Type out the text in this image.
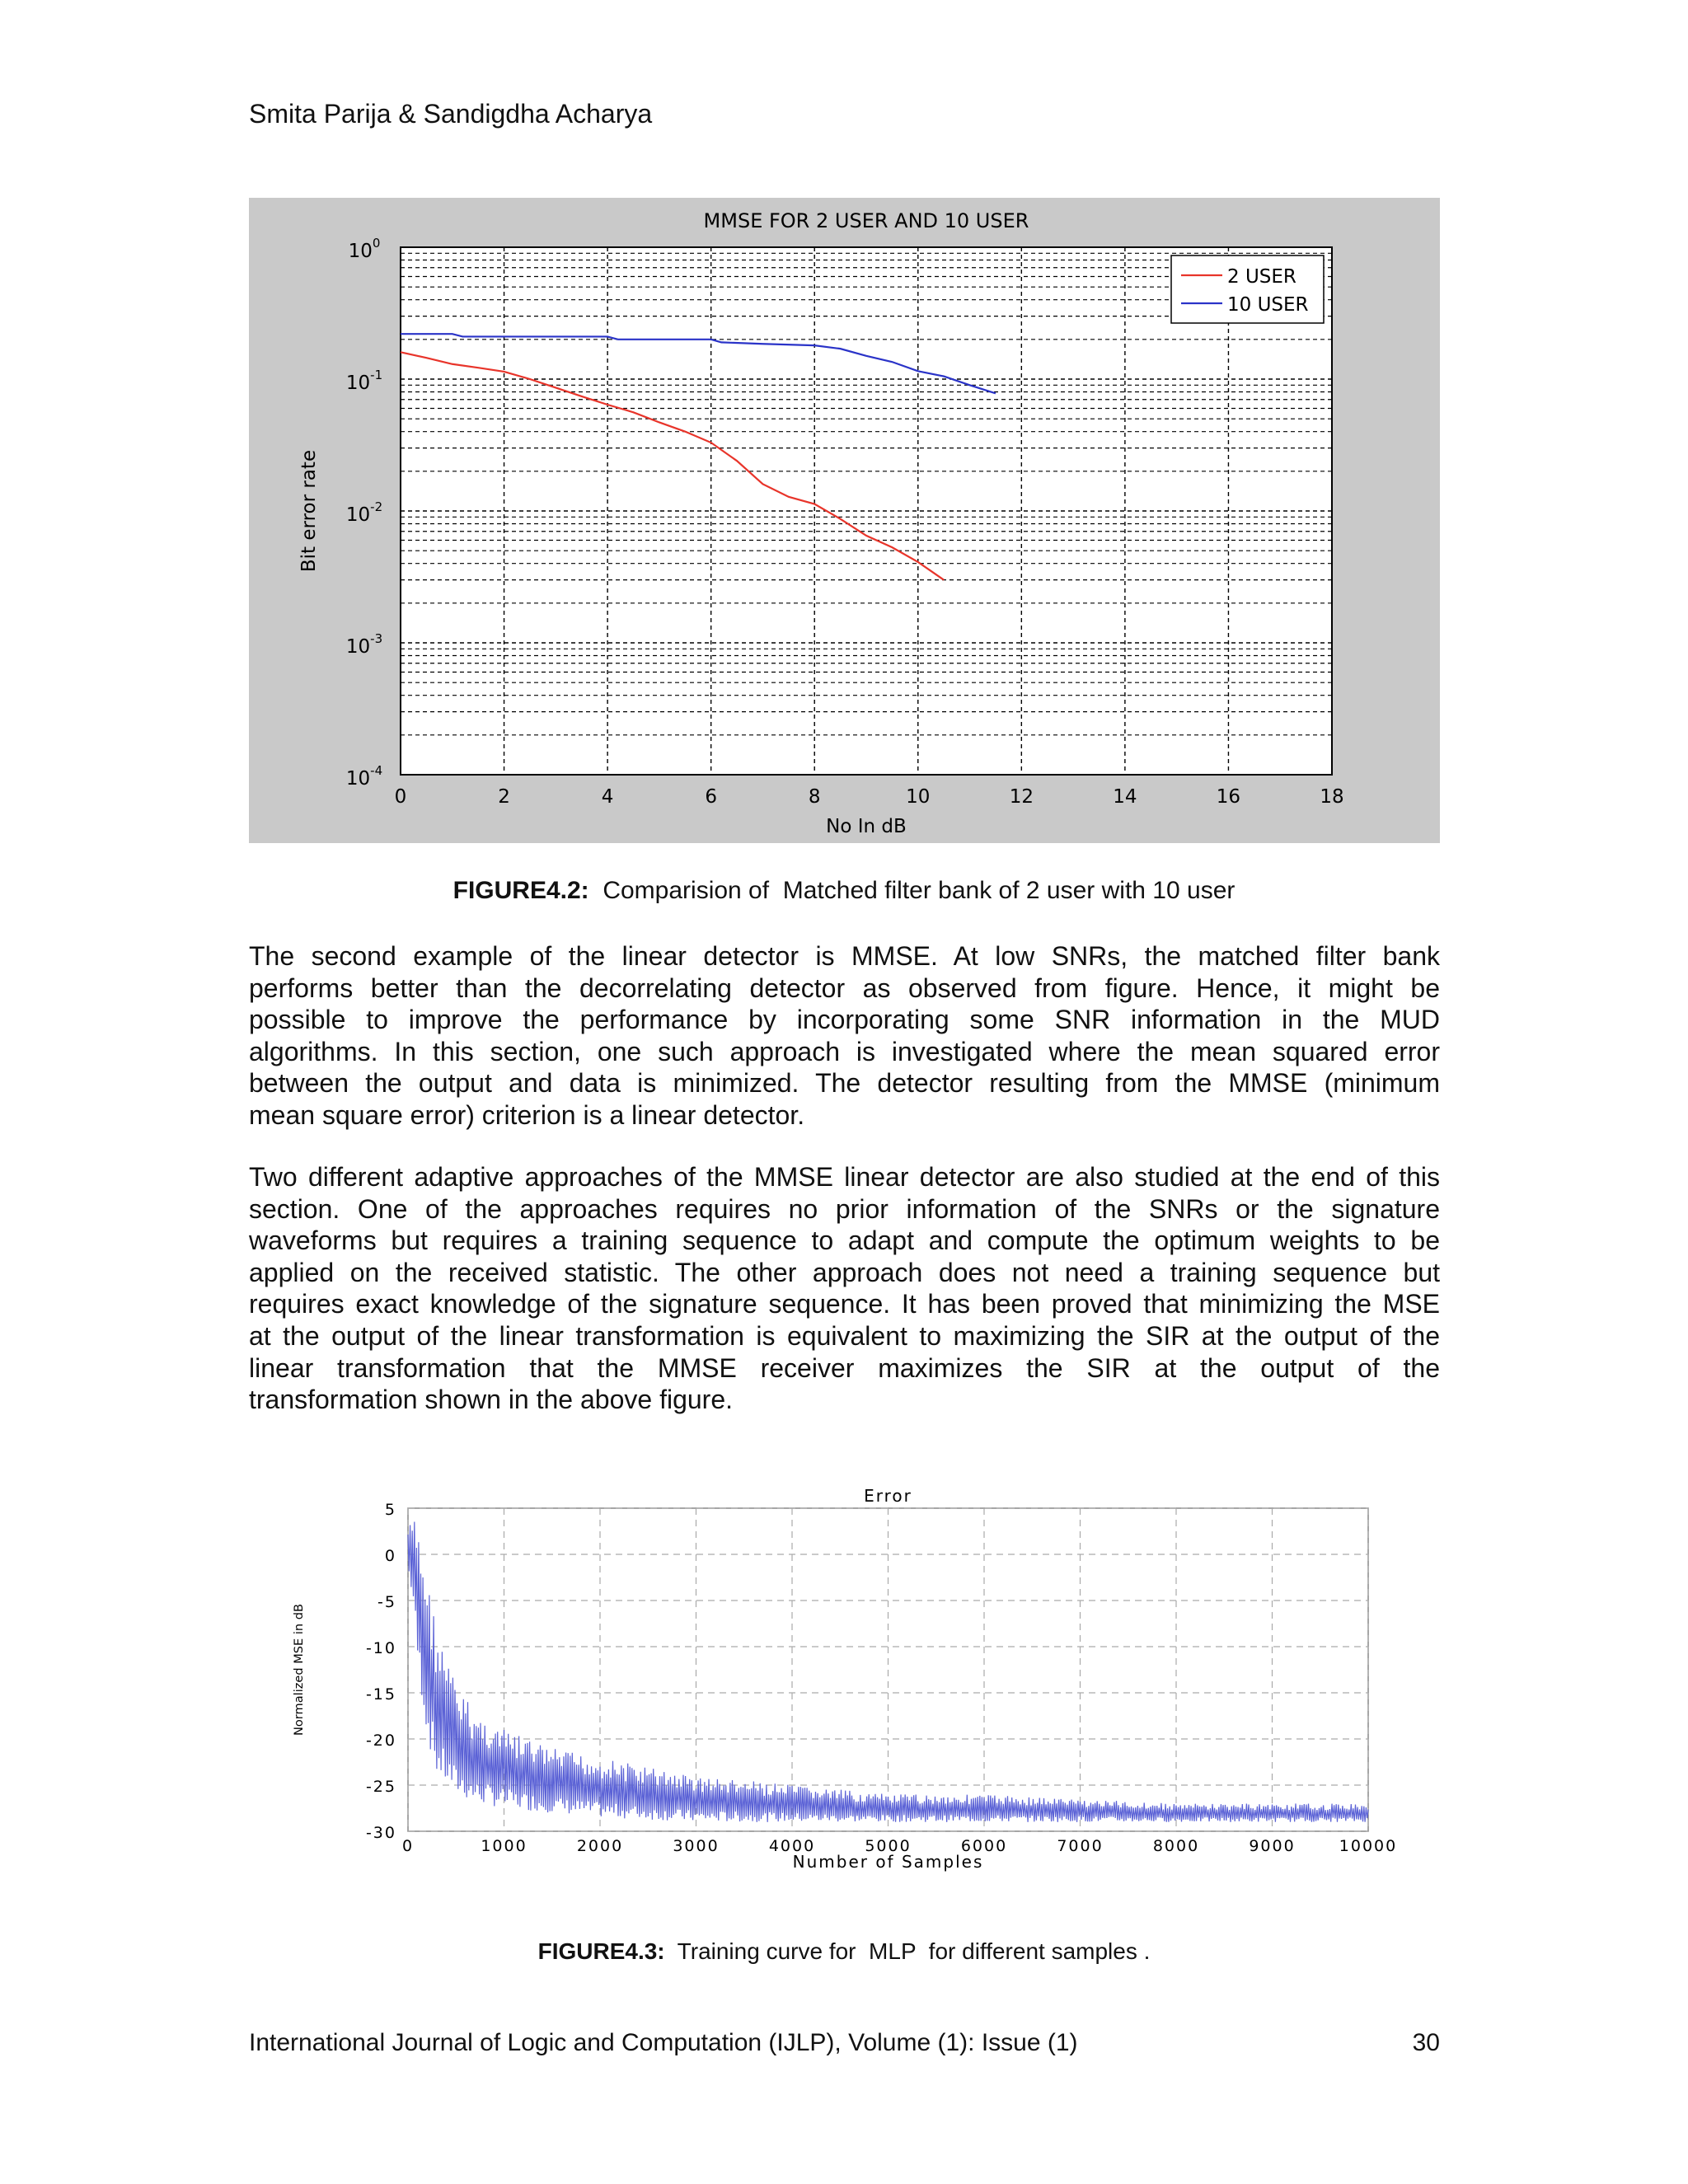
Smita Parija & Sandigdha Acharya
0	2	4	6	8	10	12	14	16	18
$10^{-4}$
$10^{-3}$
$10^{-2}$
$10^{-1}$
$10^0$
MMSE FOR 2 USER AND 10 USER
No In dB
Bit error rate
2 USER
10 USER
FIGURE4.2:  Comparision of  Matched filter bank of 2 user with 10 user
The second example of the linear detector is MMSE. At low SNRs, the matched filter bank
performs better than the decorrelating detector as observed from figure. Hence, it might be
possible to improve the performance by incorporating some SNR information in the MUD
algorithms. In this section, one such approach is investigated where the mean squared error
between the output and data is minimized. The detector resulting from the MMSE (minimum
mean square error) criterion is a linear detector.
Two different adaptive approaches of the MMSE linear detector are also studied at the end of this
section. One of the approaches requires no prior information of the SNRs or the signature
waveforms but requires a training sequence to adapt and compute the optimum weights to be
applied on the received statistic. The other approach does not need a training sequence but
requires exact knowledge of the signature sequence. It has been proved that minimizing the MSE
at the output of the linear transformation is equivalent to maximizing the SIR at the output of the
linear transformation that the MMSE receiver maximizes the SIR at the output of the
transformation shown in the above figure.
5
0
-5
-10
-15
-20
-25
-30
0	1000	2000	3000	4000	5000	6000	7000	8000	9000	10000
Error
Number of Samples
Normalized MSE in dB
FIGURE4.3:  Training curve for  MLP  for different samples .
International Journal of Logic and Computation (IJLP), Volume (1): Issue (1)	30
